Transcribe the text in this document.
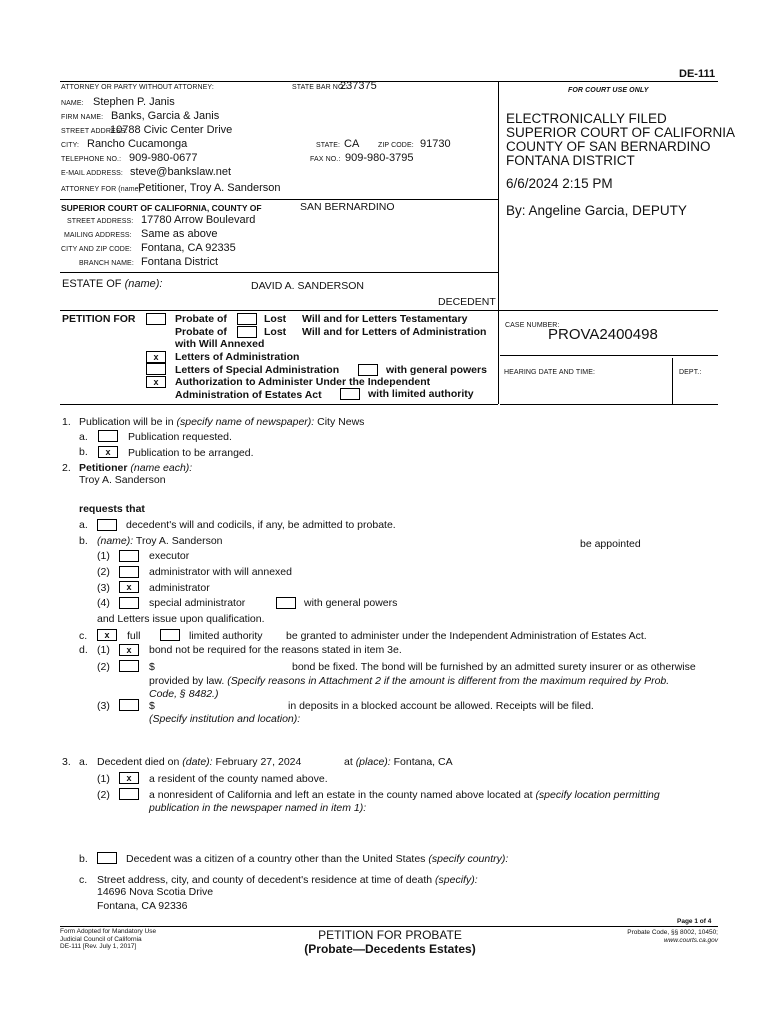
DE-111
ATTORNEY OR PARTY WITHOUT ATTORNEY:	STATE BAR NO.:
237375
NAME: Stephen P. Janis
FIRM NAME: Banks, Garcia & Janis
STREET ADDRESS:
10788 Civic Center Drive
CITY: Rancho Cucamonga	STATE: CA	ZIP CODE: 91730
TELEPHONE NO.: 909-980-0677	FAX NO.: 909-980-3795
E-MAIL ADDRESS: steve@bankslaw.net
ATTORNEY FOR (name):
Petitioner, Troy A. Sanderson
FOR COURT USE ONLY
ELECTRONICALLY FILED
SUPERIOR COURT OF CALIFORNIA
COUNTY OF SAN BERNARDINO
FONTANA DISTRICT
6/6/2024 2:15 PM
By: Angeline Garcia, DEPUTY
SUPERIOR COURT OF CALIFORNIA, COUNTY OF	SAN BERNARDINO
STREET ADDRESS: 17780 Arrow Boulevard
MAILING ADDRESS: Same as above
CITY AND ZIP CODE: Fontana, CA 92335
BRANCH NAME: Fontana District
ESTATE OF (name):	DAVID A. SANDERSON
DECEDENT
PETITION FOR	Probate of	Lost Will and for Letters Testamentary
Probate of	Lost Will and for Letters of Administration
with Will Annexed
x	Letters of Administration
Letters of Special Administration	with general powers
x	Authorization to Administer Under the Independent
Administration of Estates Act	with limited authority
CASE NUMBER:
PROVA2400498
HEARING DATE AND TIME:	DEPT.:
1. Publication will be in (specify name of newspaper): City News
a.	Publication requested.
b.	x	Publication to be arranged.
2. Petitioner (name each):
Troy A. Sanderson
requests that
a.	decedent's will and codicils, if any, be admitted to probate.
b. (name): Troy A. Sanderson	be appointed
(1)	executor
(2)	administrator with will annexed
(3)	x	administrator
(4)	special administrator	with general powers
and Letters issue upon qualification.
c.	x	full	limited authority be granted to administer under the Independent Administration of Estates Act.
d. (1)	x	bond not be required for the reasons stated in item 3e.
(2)	$	bond be fixed. The bond will be furnished by an admitted surety insurer or as otherwise
provided by law. (Specify reasons in Attachment 2 if the amount is different from the maximum required by Prob.
Code, § 8482.)
(3)	$	in deposits in a blocked account be allowed. Receipts will be filed.
(Specify institution and location):
3. a. Decedent died on (date): February 27, 2024	at (place): Fontana, CA
(1)	x	a resident of the county named above.
(2)	a nonresident of California and left an estate in the county named above located at (specify location permitting
publication in the newspaper named in item 1):
b.	Decedent was a citizen of a country other than the United States (specify country):
c. Street address, city, and county of decedent's residence at time of death (specify):
14696 Nova Scotia Drive
Fontana, CA 92336
Form Adopted for Mandatory Use
Judicial Council of California
DE-111 [Rev. July 1, 2017]
PETITION FOR PROBATE
(Probate—Decedents Estates)
Page 1 of 4
Probate Code, §§ 8002, 10450;
www.courts.ca.gov
